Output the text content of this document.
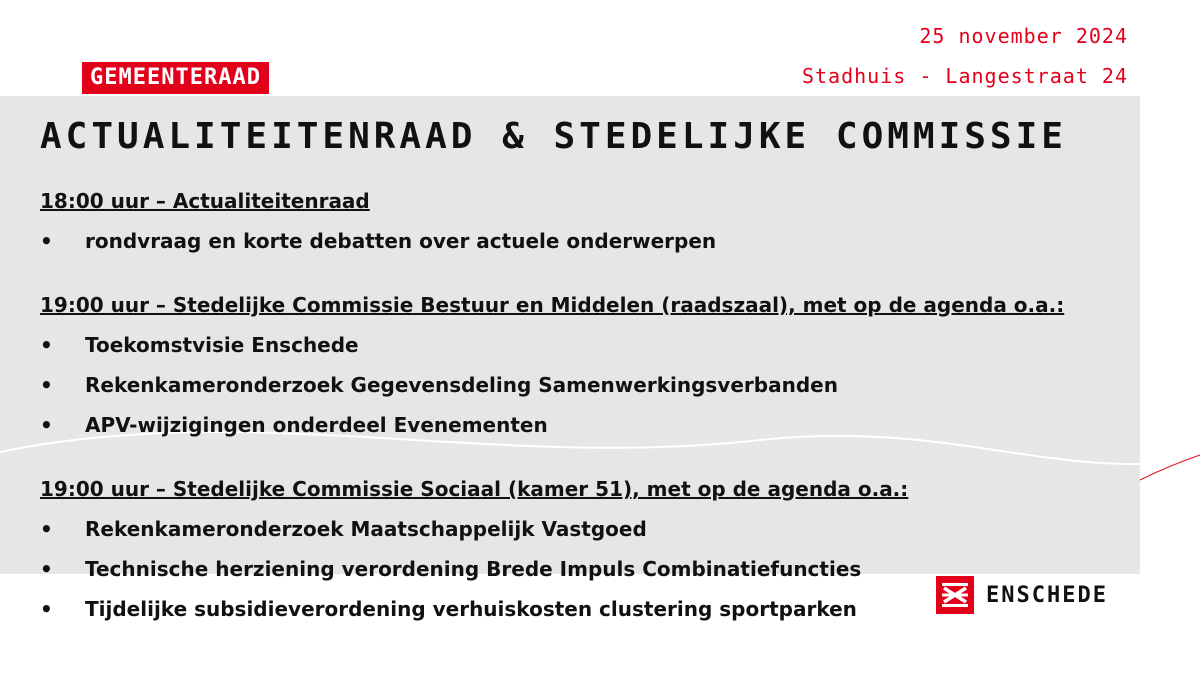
GEMEENTERAAD
25 november 2024
Stadhuis - Langestraat 24
ACTUALITEITENRAAD & STEDELIJKE COMMISSIE
18:00 uur – Actualiteitenraad
• rondvraag en korte debatten over actuele onderwerpen
19:00 uur – Stedelijke Commissie Bestuur en Middelen (raadszaal), met op de agenda o.a.:
• Toekomstvisie Enschede
• Rekenkameronderzoek Gegevensdeling Samenwerkingsverbanden
• APV-wijzigingen onderdeel Evenementen
19:00 uur – Stedelijke Commissie Sociaal (kamer 51), met op de agenda o.a.:
• Rekenkameronderzoek Maatschappelijk Vastgoed
• Technische herziening verordening Brede Impuls Combinatiefuncties
• Tijdelijke subsidieverordening verhuiskosten clustering sportparken
ENSCHEDE
